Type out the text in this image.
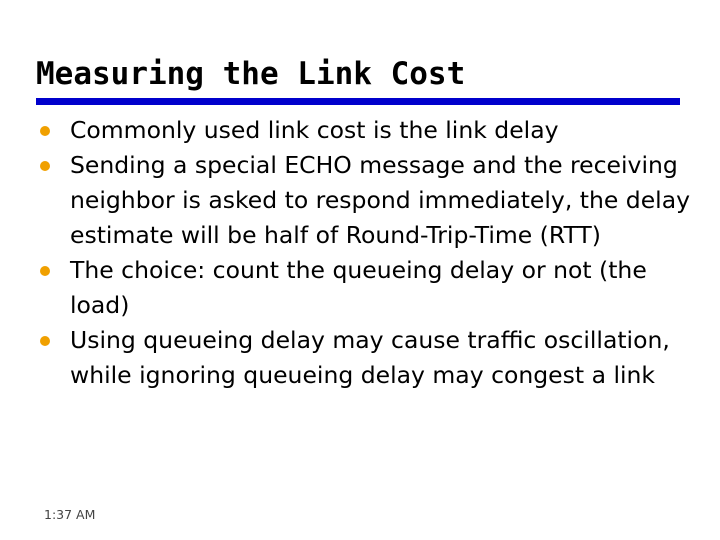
Measuring the Link Cost
Commonly used link cost is the link delay
Sending a special ECHO message and the receiving neighbor is asked to respond immediately, the delay estimate will be half of Round-Trip-Time (RTT)
The choice: count the queueing delay or not (the load)
Using queueing delay may cause traffic oscillation, while ignoring queueing delay may congest a link
1:37 AM
